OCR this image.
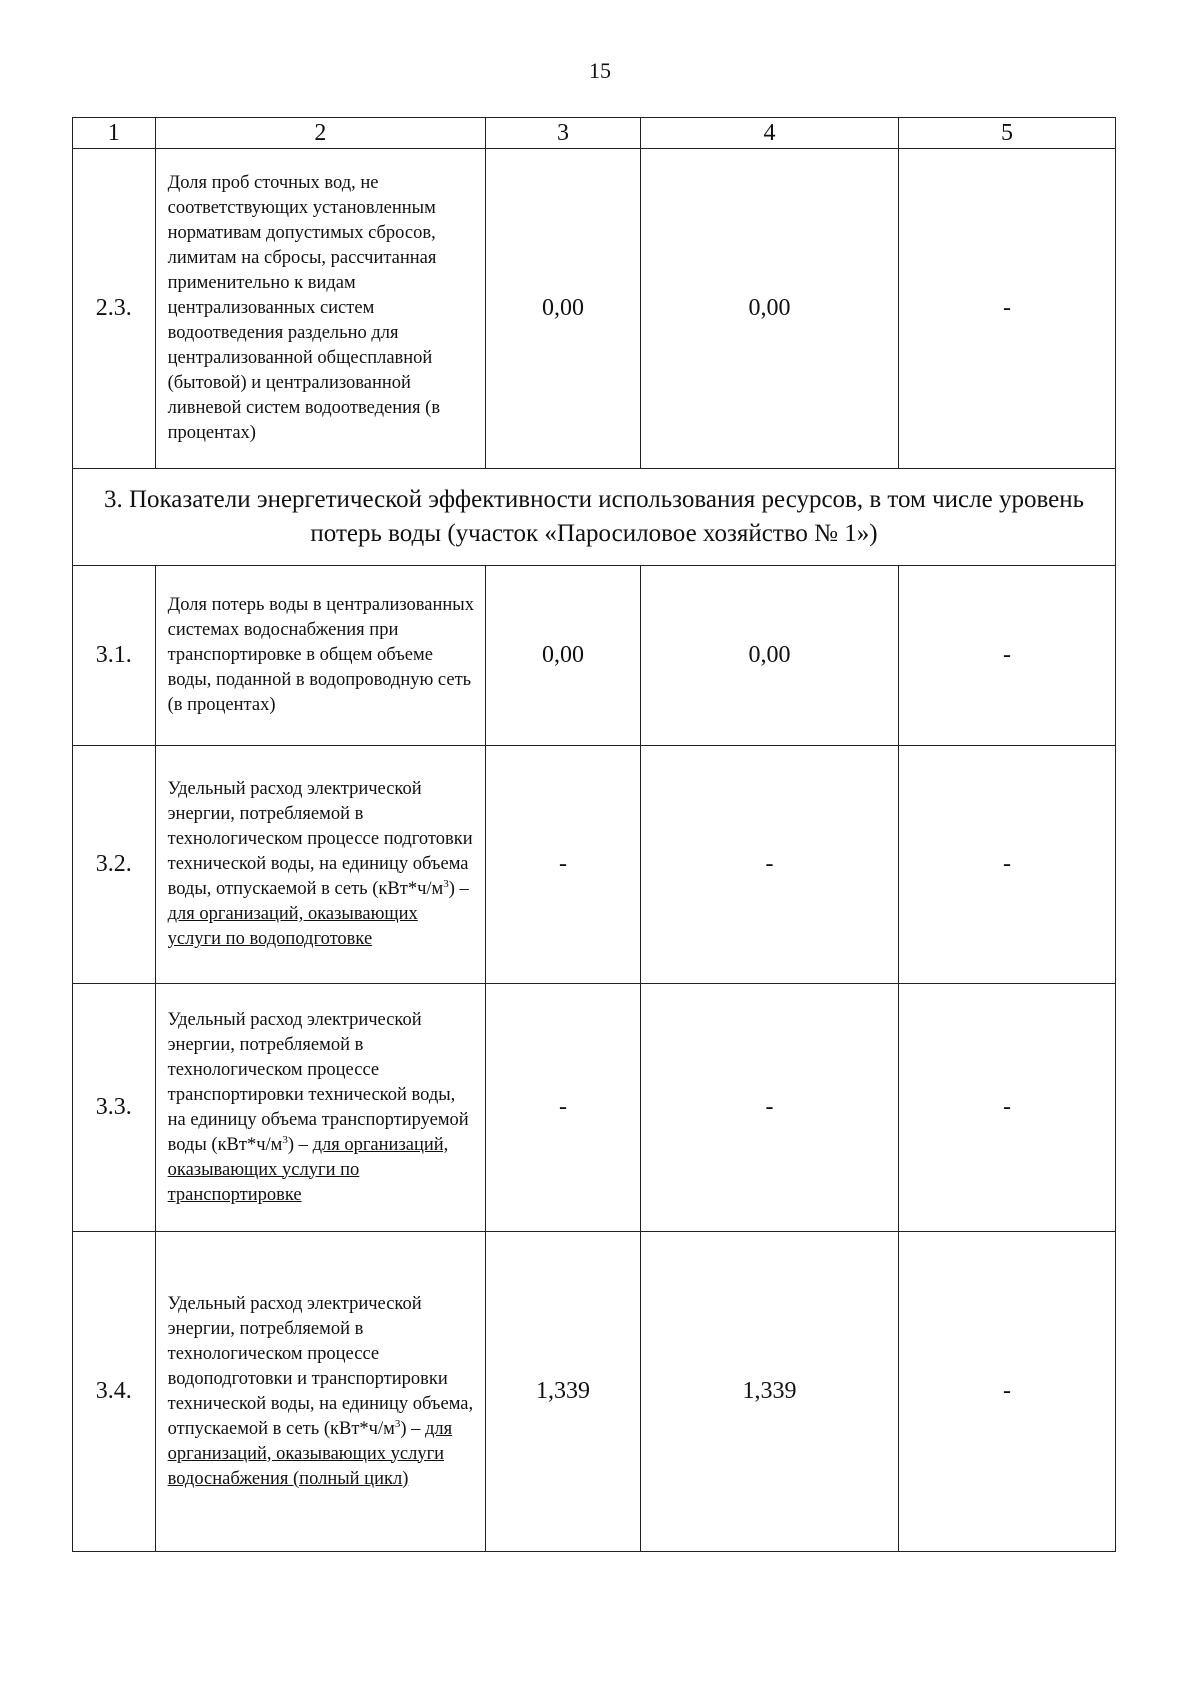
15
1	2	3	4	5
2.3.	Доля проб сточных вод, не соответствующих установленным нормативам допустимых сбросов, лимитам на сбросы, рассчитанная применительно к видам централизованных систем водоотведения раздельно для централизованной общесплавной (бытовой) и централизованной ливневой систем водоотведения (в процентах)	0,00	0,00	-
3. Показатели энергетической эффективности использования ресурсов, в том числе уровень потерь воды (участок «Паросиловое хозяйство № 1»)				
3.1.	Доля потерь воды в централизованных системах водоснабжения при транспортировке в общем объеме воды, поданной в водопроводную сеть (в процентах)	0,00	0,00	-
3.2.	Удельный расход электрической энергии, потребляемой в технологическом процессе подготовки технической воды, на единицу объема воды, отпускаемой в сеть $(кВт*ч/м^3)$ – для организаций, оказывающих услуги по водоподготовке	-	-	-
3.3.	Удельный расход электрической энергии, потребляемой в технологическом процессе транспортировки технической воды, на единицу объема транспортируемой воды $(кВт*ч/м^3)$ – для организаций, оказывающих услуги по транспортировке	-	-	-
3.4.	Удельный расход электрической энергии, потребляемой в технологическом процессе водоподготовки и транспортировки технической воды, на единицу объема, отпускаемой в сеть $(кВт*ч/м^3)$ – для организаций, оказывающих услуги водоснабжения (полный цикл)	1,339	1,339	-
